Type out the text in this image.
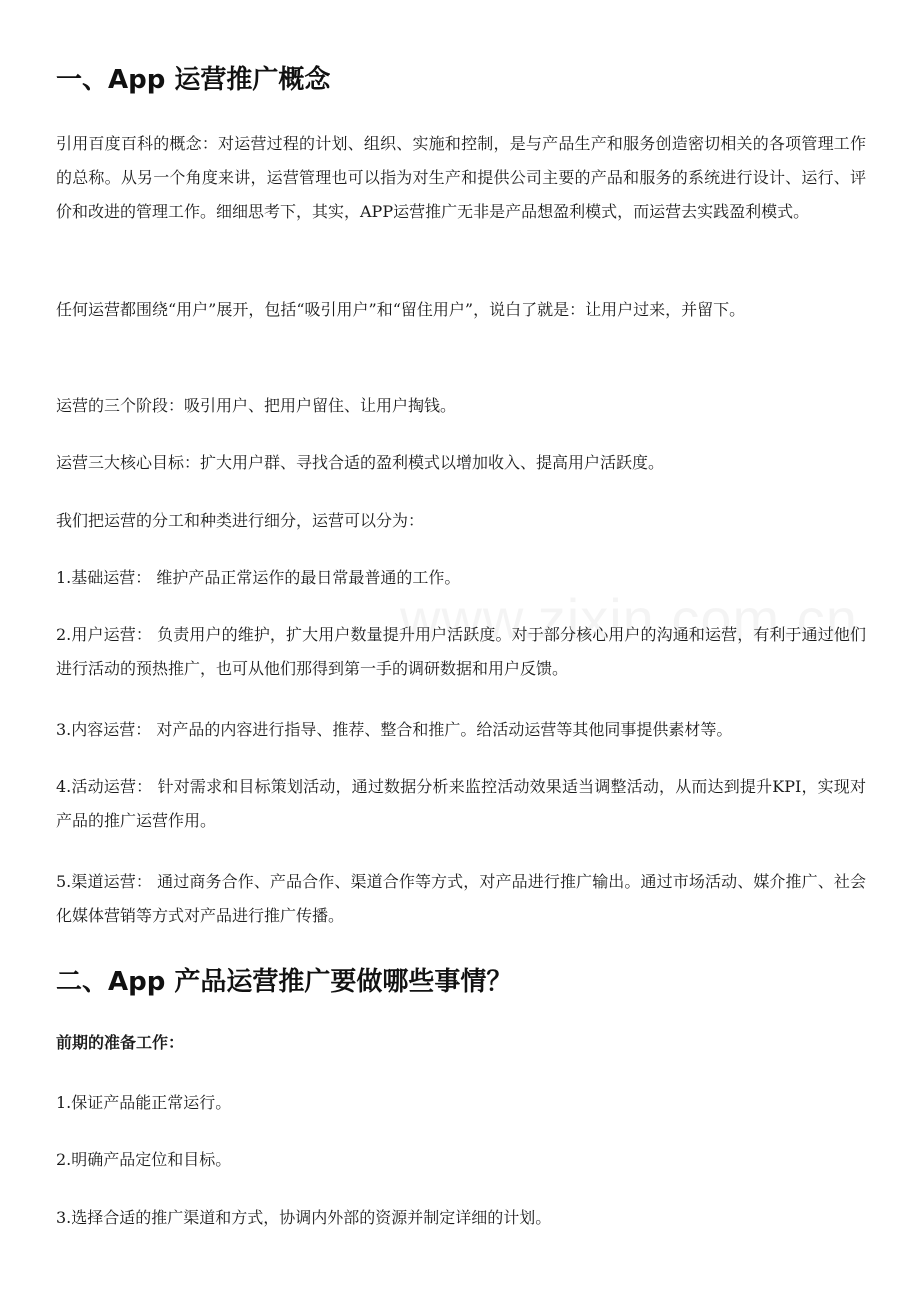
一、App 运营推广概念

引用百度百科的概念：对运营过程的计划、组织、实施和控制，是与产品生产和服务创造密切相关的各项管理工作的总称。从另一个角度来讲，运营管理也可以指为对生产和提供公司主要的产品和服务的系统进行设计、运行、评价和改进的管理工作。细细思考下，其实，APP运营推广无非是产品想盈利模式，而运营去实践盈利模式。

任何运营都围绕“用户”展开，包括“吸引用户”和“留住用户”，说白了就是：让用户过来，并留下。

运营的三个阶段：吸引用户、把用户留住、让用户掏钱。

运营三大核心目标：扩大用户群、寻找合适的盈利模式以增加收入、提高用户活跃度。

我们把运营的分工和种类进行细分，运营可以分为：

1.基础运营： 维护产品正常运作的最日常最普通的工作。

2.用户运营： 负责用户的维护，扩大用户数量提升用户活跃度。对于部分核心用户的沟通和运营，有利于通过他们进行活动的预热推广，也可从他们那得到第一手的调研数据和用户反馈。

3.内容运营： 对产品的内容进行指导、推荐、整合和推广。给活动运营等其他同事提供素材等。

4.活动运营： 针对需求和目标策划活动，通过数据分析来监控活动效果适当调整活动，从而达到提升KPI，实现对产品的推广运营作用。

5.渠道运营： 通过商务合作、产品合作、渠道合作等方式，对产品进行推广输出。通过市场活动、媒介推广、社会化媒体营销等方式对产品进行推广传播。

二、App 产品运营推广要做哪些事情？

前期的准备工作：

1.保证产品能正常运行。

2.明确产品定位和目标。

3.选择合适的推广渠道和方式，协调内外部的资源并制定详细的计划。
